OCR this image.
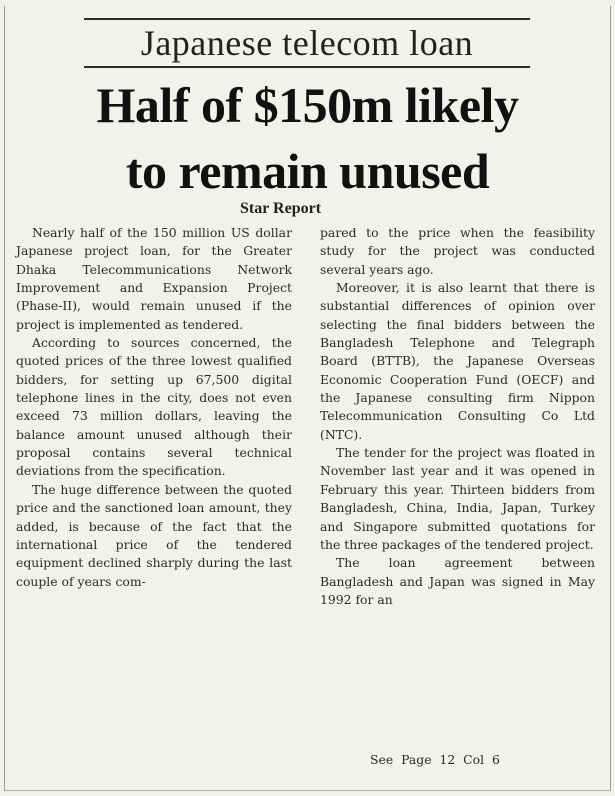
Japanese telecom loan
Half of $150m likely
to remain unused
Star Report

Nearly half of the 150 million US dollar Japanese project loan, for the Greater Dhaka Telecommunications Network Improvement and Expansion Project (Phase-II), would remain unused if the project is implemented as tendered.

According to sources concerned, the quoted prices of the three lowest qualified bidders, for setting up 67,500 digital telephone lines in the city, does not even exceed 73 million dollars, leaving the balance amount unused although their proposal contains several technical deviations from the specification.

The huge difference between the quoted price and the sanctioned loan amount, they added, is because of the fact that the international price of the tendered equipment declined sharply during the last couple of years com-

pared to the price when the feasibility study for the project was conducted several years ago.

Moreover, it is also learnt that there is substantial differences of opinion over selecting the final bidders between the Bangladesh Telephone and Telegraph Board (BTTB), the Japanese Overseas Economic Cooperation Fund (OECF) and the Japanese consulting firm Nippon Telecommunication Consulting Co Ltd (NTC).

The tender for the project was floated in November last year and it was opened in February this year. Thirteen bidders from Bangladesh, China, India, Japan, Turkey and Singapore submitted quotations for the three packages of the tendered project.

The loan agreement between Bangladesh and Japan was signed in May 1992 for an

See Page 12 Col 6
